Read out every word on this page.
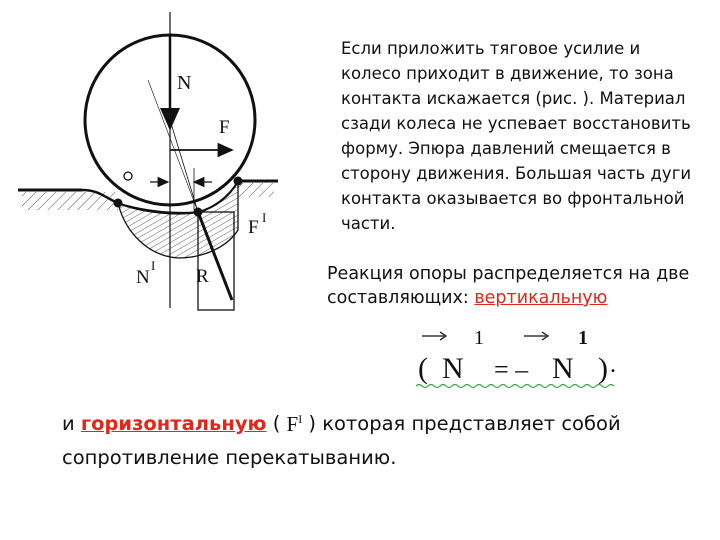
N
F
F I
N
I
R

Если приложить тяговое усилие и колесо приходит в движение, то зона контакта искажается (рис. ). Материал сзади колеса не успевает восстановить форму. Эпюра давлений смещается в сторону движения. Большая часть дуги контакта оказывается во фронтальной части.

Реакция опоры распределяется на две составляющих: вертикальную

1	1
( N = – N ) .

и горизонтальную ( $F^I$ ) которая представляет собой сопротивление перекатыванию.
